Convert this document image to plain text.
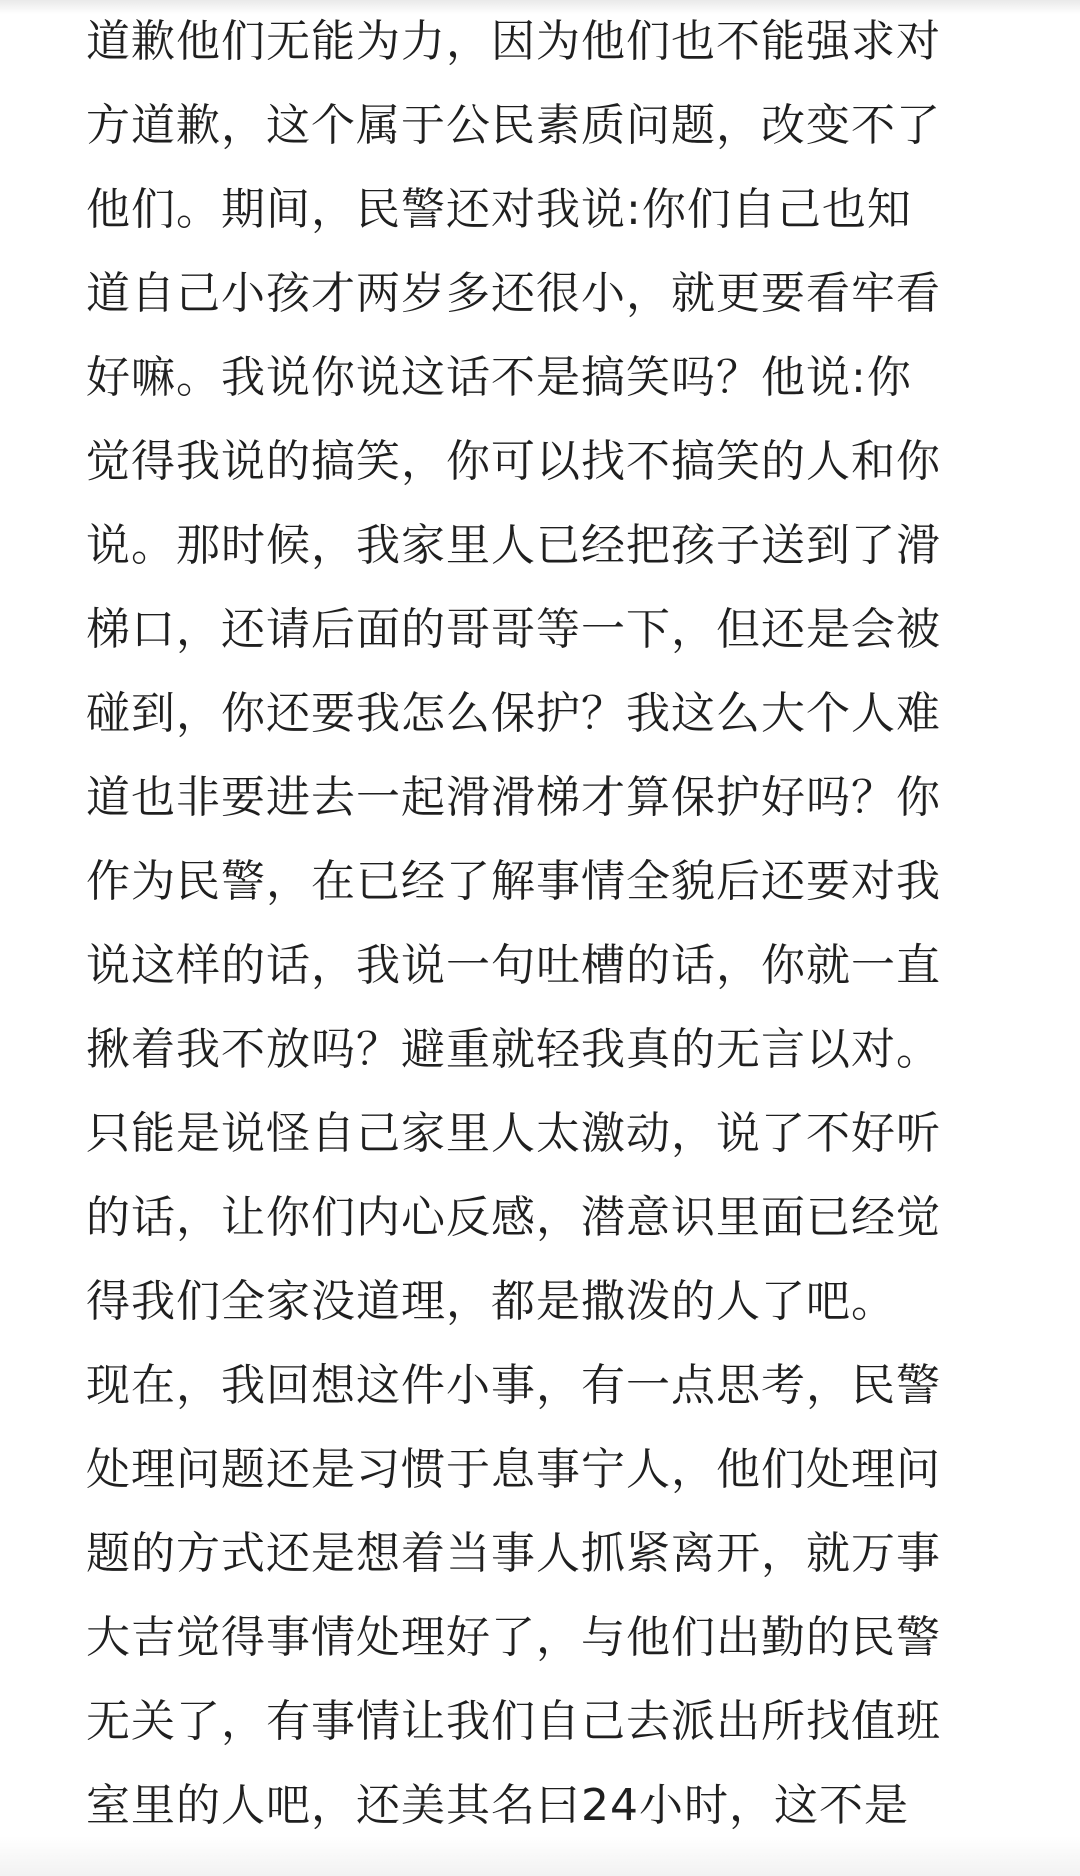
道歉他们无能为力，因为他们也不能强求对
方道歉，这个属于公民素质问题，改变不了
他们。期间，民警还对我说:你们自己也知
道自己小孩才两岁多还很小，就更要看牢看
好嘛。我说你说这话不是搞笑吗？他说:你
觉得我说的搞笑，你可以找不搞笑的人和你
说。那时候，我家里人已经把孩子送到了滑
梯口，还请后面的哥哥等一下，但还是会被
碰到，你还要我怎么保护？我这么大个人难
道也非要进去一起滑滑梯才算保护好吗？你
作为民警，在已经了解事情全貌后还要对我
说这样的话，我说一句吐槽的话，你就一直
揪着我不放吗？避重就轻我真的无言以对。
只能是说怪自己家里人太激动，说了不好听
的话，让你们内心反感，潜意识里面已经觉
得我们全家没道理，都是撒泼的人了吧。
现在，我回想这件小事，有一点思考，民警
处理问题还是习惯于息事宁人，他们处理问
题的方式还是想着当事人抓紧离开，就万事
大吉觉得事情处理好了，与他们出勤的民警
无关了，有事情让我们自己去派出所找值班
室里的人吧，还美其名曰24小时，这不是
